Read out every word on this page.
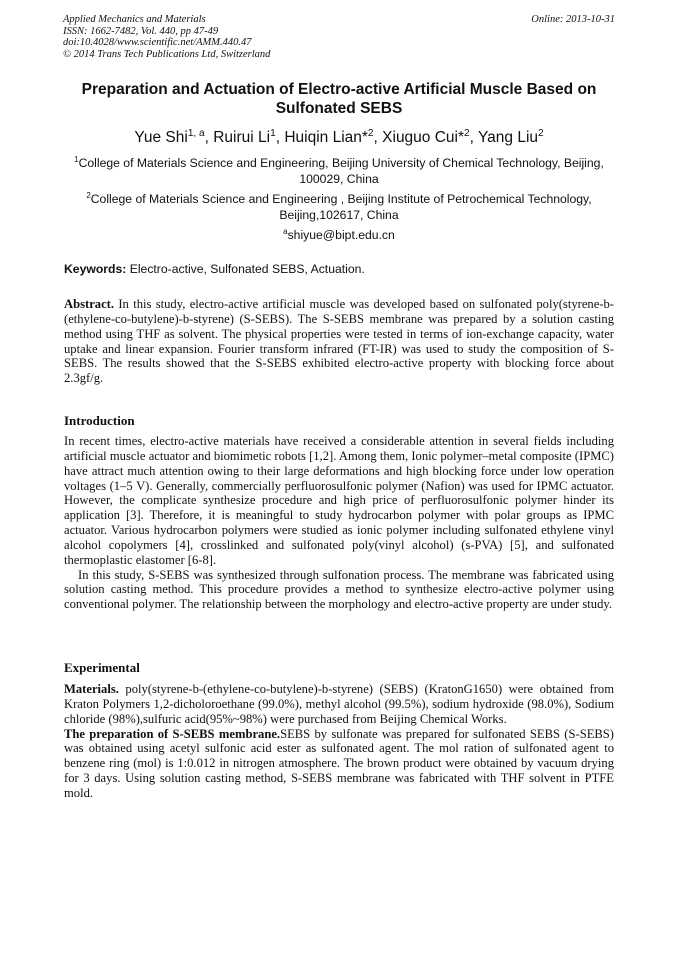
Applied Mechanics and Materials
ISSN: 1662-7482, Vol. 440, pp 47-49
doi:10.4028/www.scientific.net/AMM.440.47
© 2014 Trans Tech Publications Ltd, Switzerland
Online: 2013-10-31
Preparation and Actuation of Electro-active Artificial Muscle Based on Sulfonated SEBS
Yue Shi$^{1, a}$, Ruirui Li$^1$, Huiqin Lian*$^2$, Xiuguo Cui*$^2$, Yang Liu$^2$
$^1$College of Materials Science and Engineering, Beijing University of Chemical Technology, Beijing, 100029, China
$^2$College of Materials Science and Engineering , Beijing Institute of Petrochemical Technology, Beijing,102617, China
$^a$shiyue@bipt.edu.cn
Keywords: Electro-active, Sulfonated SEBS, Actuation.
Abstract. In this study, electro-active artificial muscle was developed based on sulfonated poly(styrene-b-(ethylene-co-butylene)-b-styrene) (S-SEBS). The S-SEBS membrane was prepared by a solution casting method using THF as solvent. The physical properties were tested in terms of ion-exchange capacity, water uptake and linear expansion. Fourier transform infrared (FT-IR) was used to study the composition of S-SEBS. The results showed that the S-SEBS exhibited electro-active property with blocking force about 2.3gf/g.
Introduction

In recent times, electro-active materials have received a considerable attention in several fields including artificial muscle actuator and biomimetic robots [1,2]. Among them, Ionic polymer–metal composite (IPMC) have attract much attention owing to their large deformations and high blocking force under low operation voltages (1–5 V). Generally, commercially perfluorosulfonic polymer (Nafion) was used for IPMC actuator. However, the complicate synthesize procedure and high price of perfluorosulfonic polymer hinder its application [3]. Therefore, it is meaningful to study hydrocarbon polymer with polar groups as IPMC actuator. Various hydrocarbon polymers were studied as ionic polymer including sulfonated ethylene vinyl alcohol copolymers [4], crosslinked and sulfonated poly(vinyl alcohol) (s-PVA) [5], and sulfonated thermoplastic elastomer [6-8].

In this study, S-SEBS was synthesized through sulfonation process. The membrane was fabricated using solution casting method. This procedure provides a method to synthesize electro-active polymer using conventional polymer. The relationship between the morphology and electro-active property are under study.

Experimental

Materials. poly(styrene-b-(ethylene-co-butylene)-b-styrene) (SEBS) (KratonG1650) were obtained from Kraton Polymers 1,2-dicholoroethane (99.0%), methyl alcohol (99.5%), sodium hydroxide (98.0%), Sodium chloride (98%),sulfuric acid(95%~98%) were purchased from Beijing Chemical Works.

The preparation of S-SEBS membrane.SEBS by sulfonate was prepared for sulfonated SEBS (S-SEBS) was obtained using acetyl sulfonic acid ester as sulfonated agent. The mol ration of sulfonated agent to benzene ring (mol) is 1:0.012 in nitrogen atmosphere. The brown product were obtained by vacuum drying for 3 days. Using solution casting method, S-SEBS membrane was fabricated with THF solvent in PTFE mold.
